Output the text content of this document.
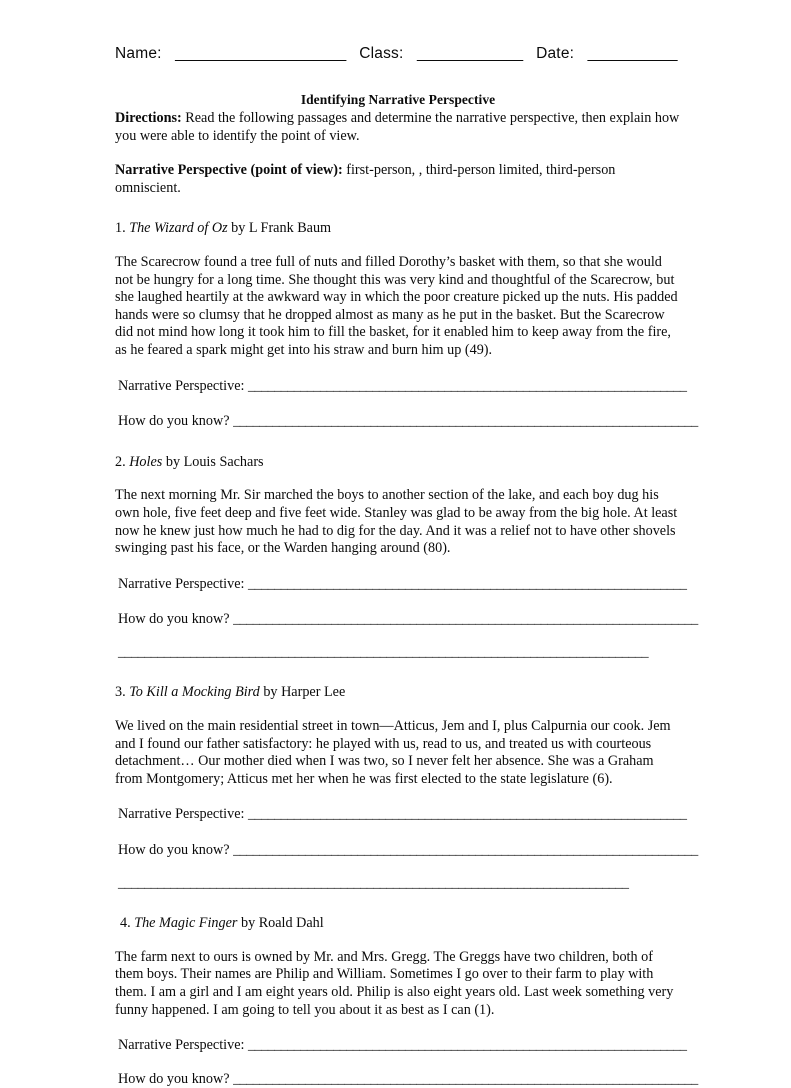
Name: _____________________ Class: _____________ Date: ___________
Identifying Narrative Perspective

Directions: Read the following passages and determine the narrative perspective, then explain how you were able to identify the point of view.

Narrative Perspective (point of view): first-person, , third-person limited, third-person omniscient.

1. The Wizard of Oz by L Frank Baum

The Scarecrow found a tree full of nuts and filled Dorothy’s basket with them, so that she would not be hungry for a long time. She thought this was very kind and thoughtful of the Scarecrow, but she laughed heartily at the awkward way in which the poor creature picked up the nuts. His padded hands were so clumsy that he dropped almost as many as he put in the basket. But the Scarecrow did not mind how long it took him to fill the basket, for it enabled him to keep away from the fire, as he feared a spark might get into his straw and burn him up (49).

Narrative Perspective: ___________________________________________________________________
How do you know? _______________________________________________________________________
2. Holes by Louis Sachars

The next morning Mr. Sir marched the boys to another section of the lake, and each boy dug his own hole, five feet deep and five feet wide. Stanley was glad to be away from the big hole. At least now he knew just how much he had to dig for the day. And it was a relief not to have other shovels swinging past his face, or the Warden hanging around (80).

Narrative Perspective: ___________________________________________________________________
How do you know? _______________________________________________________________________
_________________________________________________________________________________
3. To Kill a Mocking Bird by Harper Lee

We lived on the main residential street in town—Atticus, Jem and I, plus Calpurnia our cook. Jem and I found our father satisfactory: he played with us, read to us, and treated us with courteous detachment… Our mother died when I was two, so I never felt her absence. She was a Graham from Montgomery; Atticus met her when he was first elected to the state legislature (6).

Narrative Perspective: ___________________________________________________________________
How do you know? _______________________________________________________________________
______________________________________________________________________________
4. The Magic Finger by Roald Dahl

The farm next to ours is owned by Mr. and Mrs. Gregg. The Greggs have two children, both of them boys. Their names are Philip and William. Sometimes I go over to their farm to play with them. I am a girl and I am eight years old. Philip is also eight years old. Last week something very funny happened. I am going to tell you about it as best as I can (1).

Narrative Perspective: ___________________________________________________________________
How do you know? _______________________________________________________________________
